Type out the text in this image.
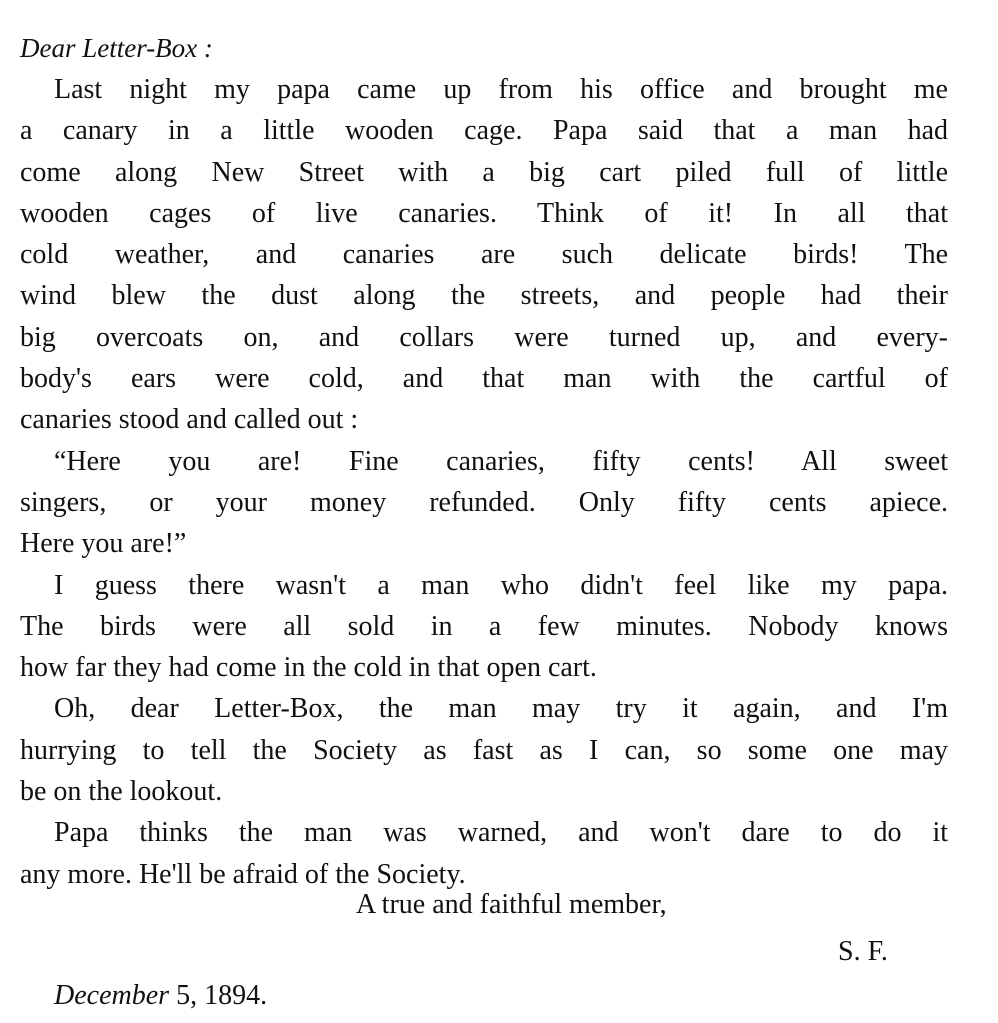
Dear Letter-Box :

Last night my papa came up from his office and brought me

a canary in a little wooden cage. Papa said that a man had

come along New Street with a big cart piled full of little

wooden cages of live canaries. Think of it! In all that

cold weather, and canaries are such delicate birds! The

wind blew the dust along the streets, and people had their

big overcoats on, and collars were turned up, and every-

body's ears were cold, and that man with the cartful of

canaries stood and called out :

“Here you are! Fine canaries, fifty cents! All sweet

singers, or your money refunded. Only fifty cents apiece.

Here you are!”

I guess there wasn't a man who didn't feel like my papa.

The birds were all sold in a few minutes. Nobody knows

how far they had come in the cold in that open cart.

Oh, dear Letter-Box, the man may try it again, and I'm

hurrying to tell the Society as fast as I can, so some one may

be on the lookout.

Papa thinks the man was warned, and won't dare to do it

any more. He'll be afraid of the Society.

A true and faithful member,
S. F.
December 5, 1894.
